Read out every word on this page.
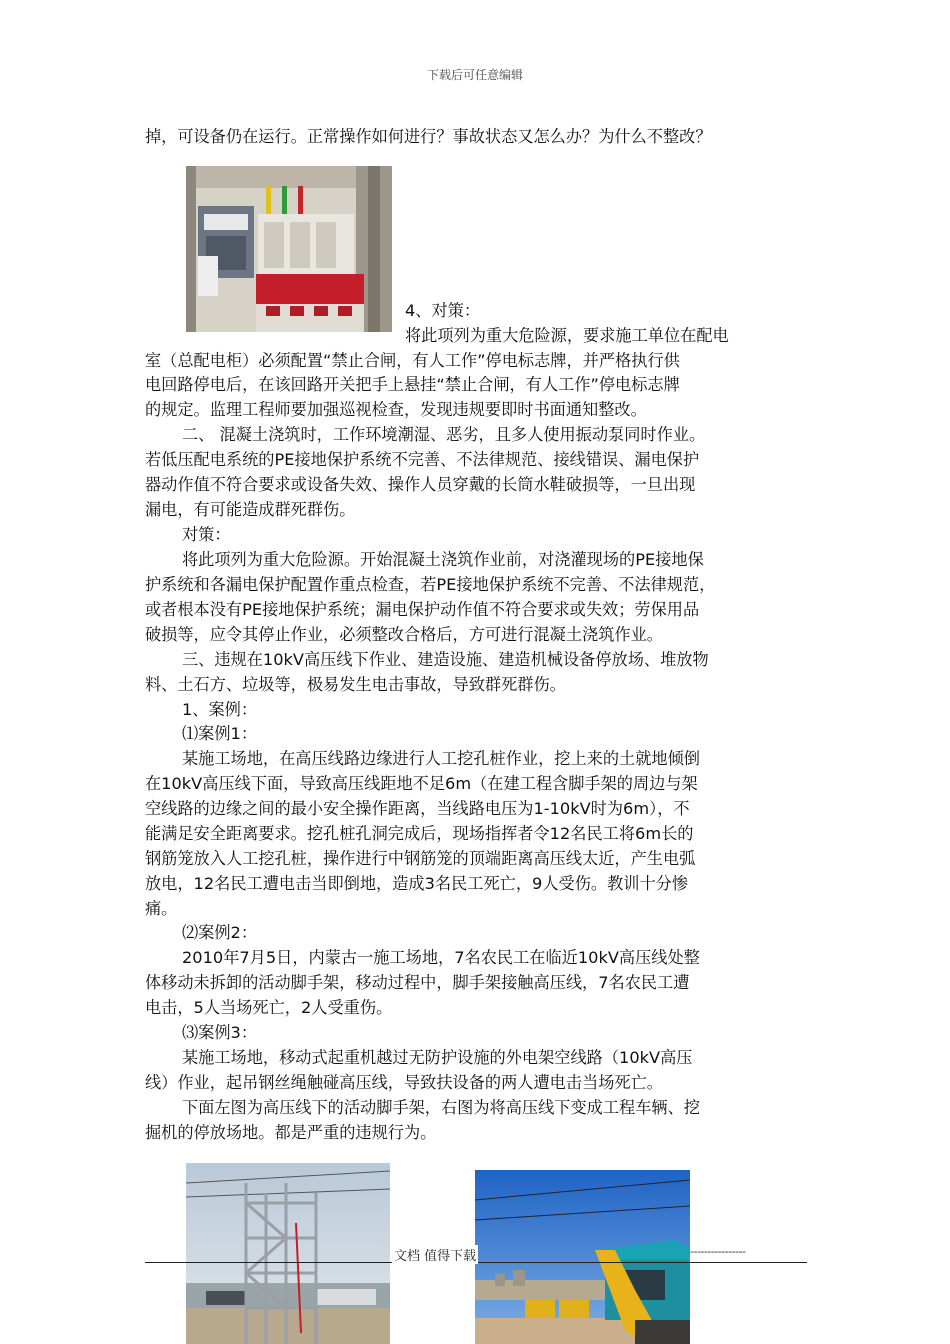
下载后可任意编辑
掉，可设备仍在运行。正常操作如何进行？事故状态又怎么办？为什么不整改？
4、对策：
将此项列为重大危险源，要求施工单位在配电
室（总配电柜）必须配置“禁止合闸，有人工作”停电标志牌，并严格执行供
电回路停电后，在该回路开关把手上悬挂“禁止合闸，有人工作”停电标志牌
的规定。监理工程师要加强巡视检查，发现违规要即时书面通知整改。
二、 混凝土浇筑时，工作环境潮湿、恶劣，且多人使用振动泵同时作业。
若低压配电系统的PE接地保护系统不完善、不法律规范、接线错误、漏电保护
器动作值不符合要求或设备失效、操作人员穿戴的长筒水鞋破损等，一旦出现
漏电，有可能造成群死群伤。
对策：
将此项列为重大危险源。开始混凝土浇筑作业前，对浇灌现场的PE接地保
护系统和各漏电保护配置作重点检查，若PE接地保护系统不完善、不法律规范，
或者根本没有PE接地保护系统；漏电保护动作值不符合要求或失效；劳保用品
破损等，应令其停止作业，必须整改合格后，方可进行混凝土浇筑作业。
三、违规在10kV高压线下作业、建造设施、建造机械设备停放场、堆放物
料、土石方、垃圾等，极易发生电击事故，导致群死群伤。
1、案例：
⑴案例1：
某施工场地，在高压线路边缘进行人工挖孔桩作业，挖上来的土就地倾倒
在10kV高压线下面，导致高压线距地不足6m（在建工程含脚手架的周边与架
空线路的边缘之间的最小安全操作距离，当线路电压为1-10kV时为6m），不
能满足安全距离要求。挖孔桩孔洞完成后，现场指挥者令12名民工将6m长的
钢筋笼放入人工挖孔桩，操作进行中钢筋笼的顶端距离高压线太近，产生电弧
放电，12名民工遭电击当即倒地，造成3名民工死亡，9人受伤。教训十分惨
痛。
⑵案例2：
2010年7月5日，内蒙古一施工场地，7名农民工在临近10kV高压线处整
体移动未拆卸的活动脚手架，移动过程中，脚手架接触高压线，7名农民工遭
电击，5人当场死亡，2人受重伤。
⑶案例3：
某施工场地，移动式起重机越过无防护设施的外电架空线路（10kV高压
线）作业，起吊钢丝绳触碰高压线，导致扶设备的两人遭电击当场死亡。
下面左图为高压线下的活动脚手架，右图为将高压线下变成工程车辆、挖
掘机的停放场地。都是严重的违规行为。
文档 值得下载	----------------
